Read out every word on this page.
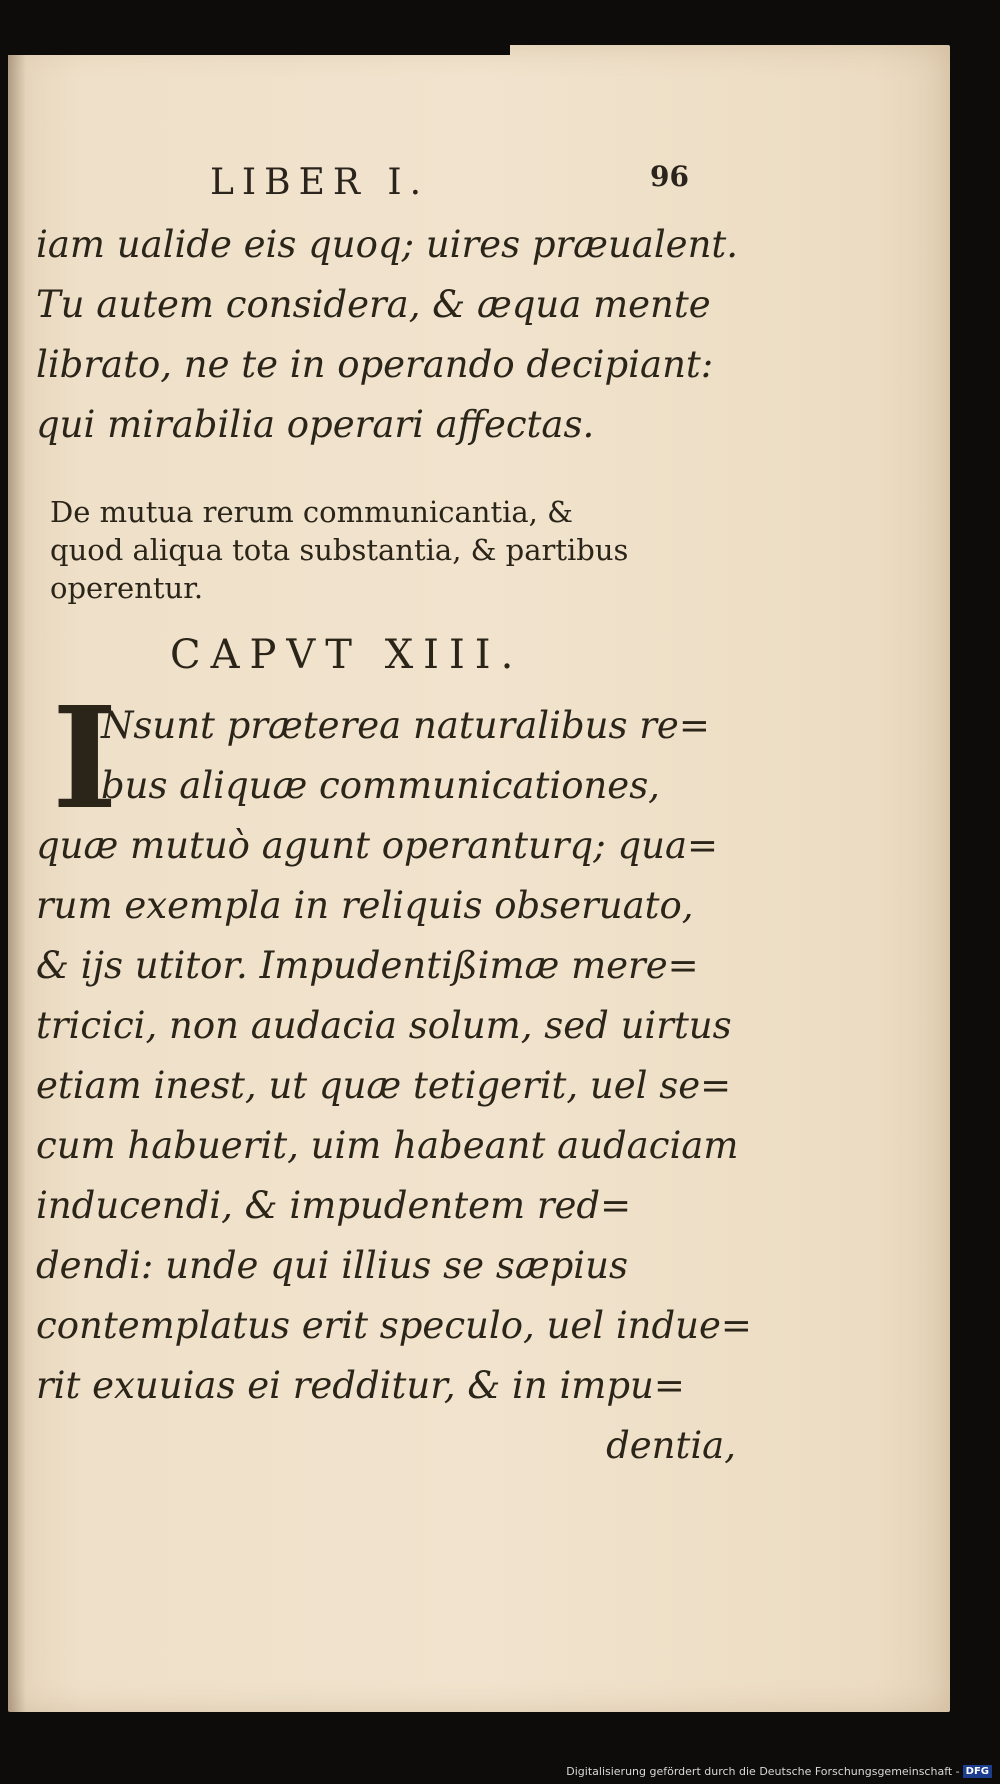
LIBER I.	96
iam ualide eis quoq; uires præualent.
Tu autem considera, & æqua mente
librato, ne te in operando decipiant:
qui mirabilia operari affectas.
De mutua rerum communicantia, &
quod aliqua tota substantia, & partibus
operentur.
CAPVT XIII.
I
Nsunt præterea naturalibus re=
bus aliquæ communicationes,
quæ mutuò agunt operanturq; qua=
rum exempla in reliquis obseruato,
& ijs utitor. Impudentißimæ mere=
tricici, non audacia solum, sed uirtus
etiam inest, ut quæ tetigerit, uel se=
cum habuerit, uim habeant audaciam
inducendi, & impudentem red=
dendi: unde qui illius se sæpius
contemplatus erit speculo, uel indue=
rit exuuias ei redditur, & in impu=
dentia,
Digitalisierung gefördert durch die Deutsche Forschungsgemeinschaft - DFG
